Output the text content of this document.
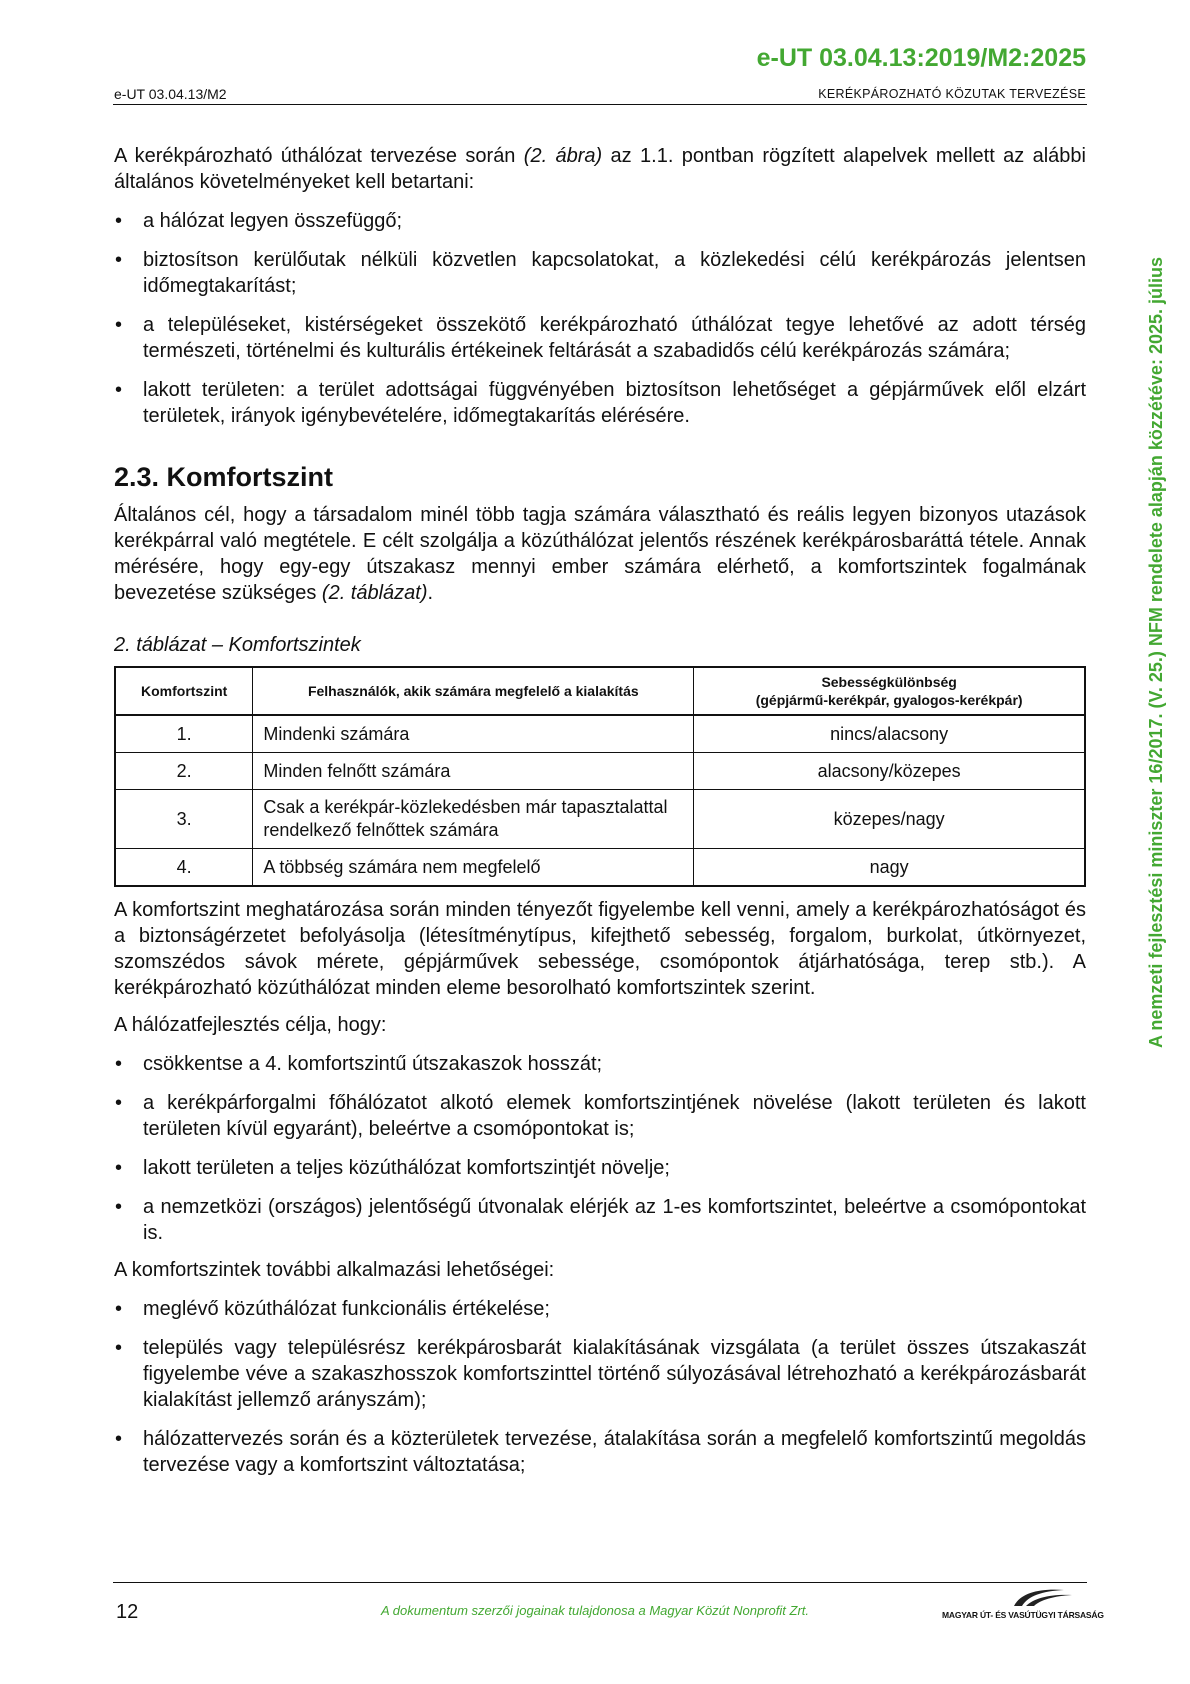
e-UT 03.04.13:2019/M2:2025
e-UT 03.04.13/M2	KERÉKPÁROZHATÓ KÖZUTAK TERVEZÉSE
A nemzeti fejlesztési miniszter 16/2017. (V. 25.) NFM rendelete alapján közzétéve: 2025. július

A kerékpározható úthálózat tervezése során (2. ábra) az 1.1. pontban rögzített alapelvek mellett az alábbi általános követelményeket kell betartani:

• a hálózat legyen összefüggő;
• biztosítson kerülőutak nélküli közvetlen kapcsolatokat, a közlekedési célú kerékpározás jelentsen időmegtakarítást;
• a településeket, kistérségeket összekötő kerékpározható úthálózat tegye lehetővé az adott térség természeti, történelmi és kulturális értékeinek feltárását a szabadidős célú kerékpározás számára;
• lakott területen: a terület adottságai függvényében biztosítson lehetőséget a gépjárművek elől elzárt területek, irányok igénybevételére, időmegtakarítás elérésére.
2.3. Komfortszint

Általános cél, hogy a társadalom minél több tagja számára választható és reális legyen bizonyos utazások kerékpárral való megtétele. E célt szolgálja a közúthálózat jelentős részének kerékpárosbaráttá tétele. Annak mérésére, hogy egy-egy útszakasz mennyi ember számára elérhető, a komfortszintek fogalmának bevezetése szükséges (2. táblázat).

2. táblázat – Komfortszintek

Komfortszint	Felhasználók, akik számára megfelelő a kialakítás	Sebességkülönbség
(gépjármű-kerékpár, gyalogos-kerékpár)
1.	Mindenki számára	nincs/alacsony
2.	Minden felnőtt számára	alacsony/közepes
3.	Csak a kerékpár-közlekedésben már tapasztalattal rendelkező felnőttek számára	közepes/nagy
4.	A többség számára nem megfelelő	nagy

A komfortszint meghatározása során minden tényezőt figyelembe kell venni, amely a kerékpározhatóságot és a biztonságérzetet befolyásolja (létesítménytípus, kifejthető sebesség, forgalom, burkolat, útkörnyezet, szomszédos sávok mérete, gépjárművek sebessége, csomópontok átjárhatósága, terep stb.). A kerékpározható közúthálózat minden eleme besorolható komfortszintek szerint.

A hálózatfejlesztés célja, hogy:

• csökkentse a 4. komfortszintű útszakaszok hosszát;
• a kerékpárforgalmi főhálózatot alkotó elemek komfortszintjének növelése (lakott területen és lakott területen kívül egyaránt), beleértve a csomópontokat is;
• lakott területen a teljes közúthálózat komfortszintjét növelje;
• a nemzetközi (országos) jelentőségű útvonalak elérjék az 1-es komfortszintet, beleértve a csomópontokat is.

A komfortszintek további alkalmazási lehetőségei:

• meglévő közúthálózat funkcionális értékelése;
• település vagy településrész kerékpárosbarát kialakításának vizsgálata (a terület összes útszakaszát figyelembe véve a szakaszhosszok komfortszinttel történő súlyozásával létrehozható a kerékpározásbarát kialakítást jellemző arányszám);
• hálózattervezés során és a közterületek tervezése, átalakítása során a megfelelő komfortszintű megoldás tervezése vagy a komfortszint változtatása;
12	A dokumentum szerzői jogainak tulajdonosa a Magyar Közút Nonprofit Zrt.	MAGYAR ÚT- ÉS VASÚTÜGYI TÁRSASÁG
